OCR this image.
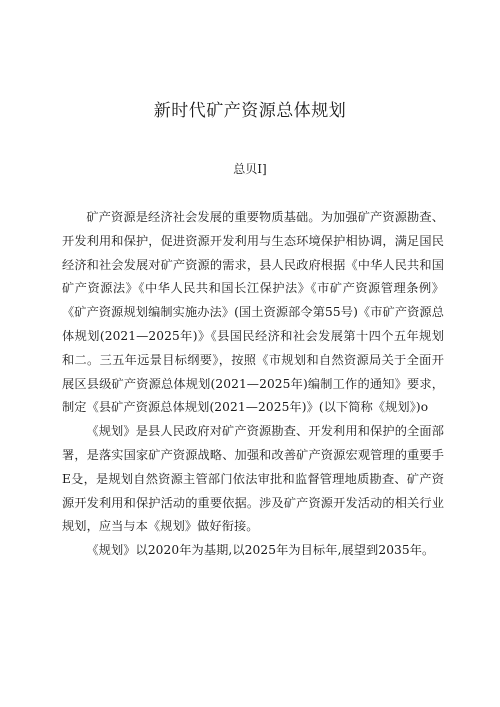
新时代矿产资源总体规划
总贝I]

矿产资源是经济社会发展的重要物质基础。为加强矿产资源勘查、开发利用和保护，促进资源开发利用与生态环境保护相协调，满足国民经济和社会发展对矿产资源的需求，县人民政府根据《中华人民共和国矿产资源法》《中华人民共和国长江保护法》《市矿产资源管理条例》《矿产资源规划编制实施办法》(国土资源部令第55号)《市矿产资源总体规划(2021—2025年)》《县国民经济和社会发展第十四个五年规划和二。三五年远景目标纲要》，按照《市规划和自然资源局关于全面开展区县级矿产资源总体规划(2021—2025年)编制工作的通知》要求，制定《县矿产资源总体规划(2021—2025年)》(以下简称《规划》)o

《规划》是县人民政府对矿产资源勘查、开发利用和保护的全面部署，是落实国家矿产资源战略、加强和改善矿产资源宏观管理的重要手E殳，是规划自然资源主管部门依法审批和监督管理地质勘查、矿产资源开发利用和保护活动的重要依据。涉及矿产资源开发活动的相关行业规划，应当与本《规划》做好衔接。

《规划》以2020年为基期,以2025年为目标年,展望到2035年。
